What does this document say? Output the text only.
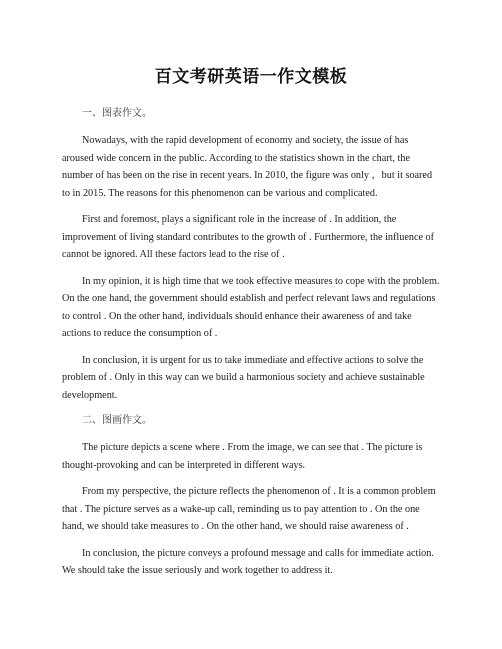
百文考研英语一作文模板

一、图表作文。

Nowadays, with the rapid development of economy and society, the issue of has aroused wide concern in the public. According to the statistics shown in the chart, the number of has been on the rise in recent years. In 2010, the figure was only ，but it soared to in 2015. The reasons for this phenomenon can be various and complicated.

First and foremost, plays a significant role in the increase of . In addition, the improvement of living standard contributes to the growth of . Furthermore, the influence of cannot be ignored. All these factors lead to the rise of .

In my opinion, it is high time that we took effective measures to cope with the problem. On the one hand, the government should establish and perfect relevant laws and regulations to control . On the other hand, individuals should enhance their awareness of and take actions to reduce the consumption of .

In conclusion, it is urgent for us to take immediate and effective actions to solve the problem of . Only in this way can we build a harmonious society and achieve sustainable development.

二、图画作文。

The picture depicts a scene where . From the image, we can see that . The picture is thought-provoking and can be interpreted in different ways.

From my perspective, the picture reflects the phenomenon of . It is a common problem that . The picture serves as a wake-up call, reminding us to pay attention to . On the one hand, we should take measures to . On the other hand, we should raise awareness of .

In conclusion, the picture conveys a profound message and calls for immediate action. We should take the issue seriously and work together to address it.
